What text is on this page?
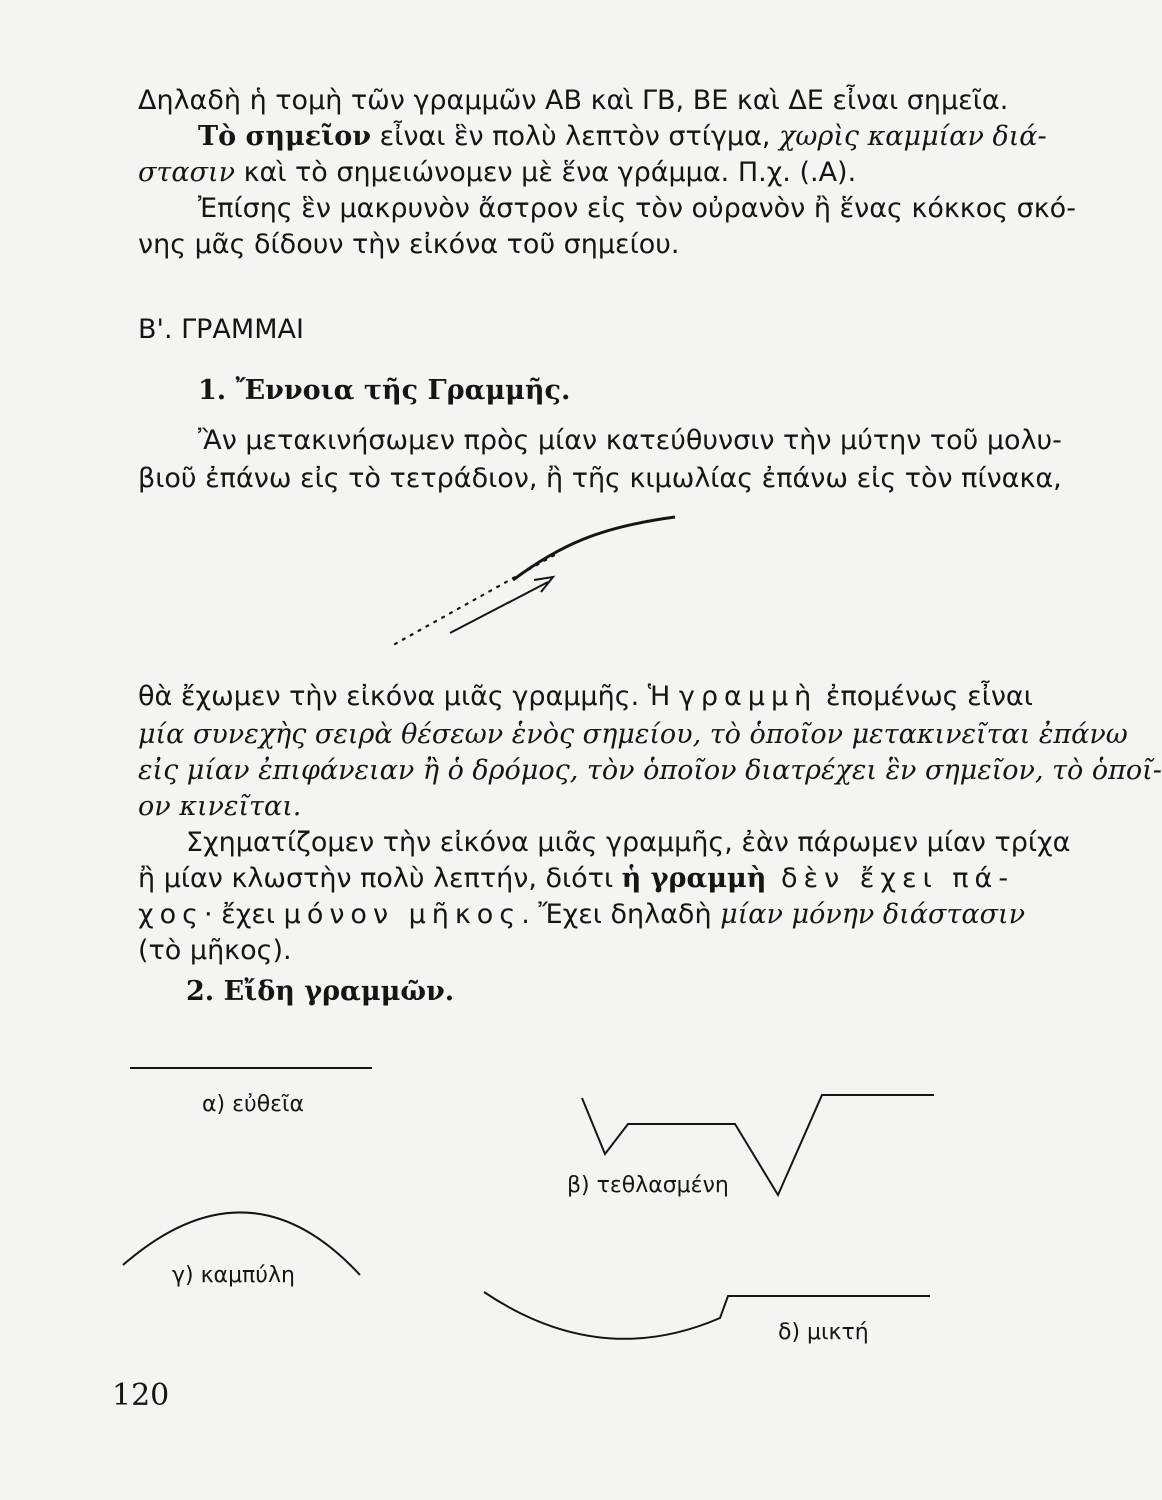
Δηλαδὴ ἡ τομὴ τῶν γραμμῶν ΑΒ καὶ ΓΒ, ΒΕ καὶ ΔΕ εἶναι σημεῖα.
Τὸ σημεῖον εἶναι ἓν πολὺ λεπτὸν στίγμα, χωρὶς καμμίαν διά-
στασιν καὶ τὸ σημειώνομεν μὲ ἕνα γράμμα. Π.χ. (.Α).
Ἐπίσης ἓν μακρυνὸν ἄστρον εἰς τὸν οὐρανὸν ἢ ἕνας κόκκος σκό-
νης μᾶς δίδουν τὴν εἰκόνα τοῦ σημείου.
Β'. ΓΡΑΜΜΑΙ
1. Ἔννοια τῆς Γραμμῆς.
Ἂν μετακινήσωμεν πρὸς μίαν κατεύθυνσιν τὴν μύτην τοῦ μολυ-
βιοῦ ἐπάνω εἰς τὸ τετράδιον, ἢ τῆς κιμωλίας ἐπάνω εἰς τὸν πίνακα,
θὰ ἔχωμεν τὴν εἰκόνα μιᾶς γραμμῆς. Ἡ γραμμὴ ἐπομένως εἶναι
μία συνεχὴς σειρὰ θέσεων ἑνὸς σημείου, τὸ ὁποῖον μετακινεῖται ἐπάνω
εἰς μίαν ἐπιφάνειαν ἢ ὁ δρόμος, τὸν ὁποῖον διατρέχει ἓν σημεῖον, τὸ ὁποῖ-
ον κινεῖται.
Σχηματίζομεν τὴν εἰκόνα μιᾶς γραμμῆς, ἐὰν πάρωμεν μίαν τρίχα
ἢ μίαν κλωστὴν πολὺ λεπτήν, διότι ἡ γραμμὴ δὲν ἔχει πά-
χος· ἔχει μόνον μῆκος. Ἔχει δηλαδὴ μίαν μόνην διάστασιν
(τὸ μῆκος).
2. Εἴδη γραμμῶν.
α) εὐθεῖα
β) τεθλασμένη
γ) καμπύλη
δ) μικτή
120
